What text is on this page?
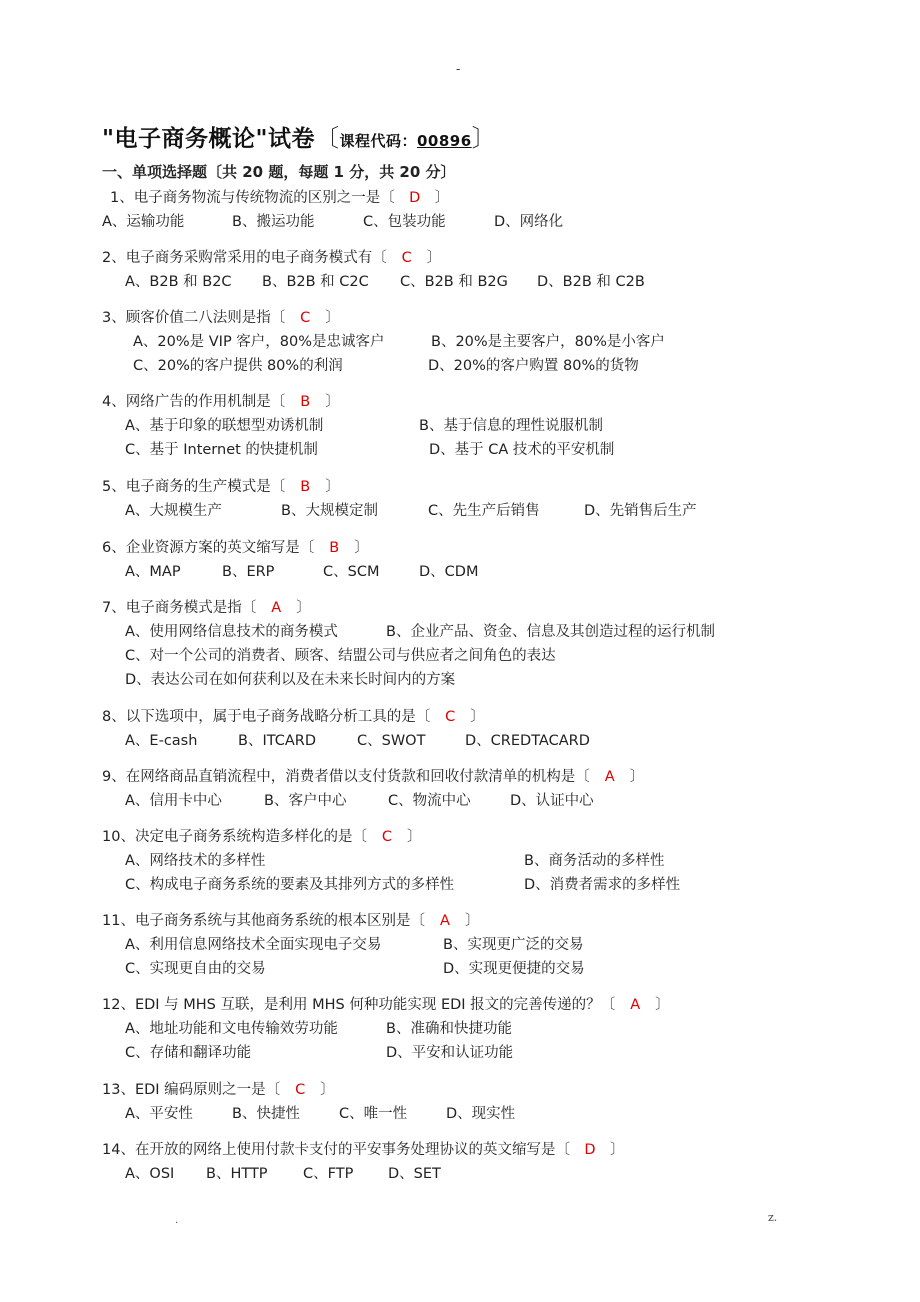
-
"电子商务概论"试卷〔课程代码：00896〕
一、单项选择题〔共 20 题，每题 1 分，共 20 分〕
1、电子商务物流与传统物流的区别之一是〔 D 〕
A、运输功能	B、搬运功能	C、包装功能	D、网络化
2、电子商务采购常采用的电子商务模式有〔 C 〕
A、B2B 和 B2C B、B2B 和 C2C C、B2B 和 B2G D、B2B 和 C2B
3、顾客价值二八法则是指〔 C 〕
A、20%是 VIP 客户，80%是忠诚客户	B、20%是主要客户，80%是小客户
C、20%的客户提供 80%的利润	D、20%的客户购置 80%的货物
4、网络广告的作用机制是〔 B 〕
A、基于印象的联想型劝诱机制	B、基于信息的理性说服机制
C、基于 Internet 的快捷机制	D、基于 CA 技术的平安机制
5、电子商务的生产模式是〔 B 〕
A、大规模生产	B、大规模定制	C、先生产后销售	D、先销售后生产
6、企业资源方案的英文缩写是〔 B 〕
A、MAP	B、ERP	C、SCM	D、CDM
7、电子商务模式是指〔 A 〕
A、使用网络信息技术的商务模式	B、企业产品、资金、信息及其创造过程的运行机制
C、对一个公司的消费者、顾客、结盟公司与供应者之间角色的表达
D、表达公司在如何获利以及在未来长时间内的方案
8、以下选项中，属于电子商务战略分析工具的是〔 C 〕
A、E-cash	B、ITCARD	C、SWOT	D、CREDTACARD
9、在网络商品直销流程中，消费者借以支付货款和回收付款清单的机构是〔 A 〕
A、信用卡中心	B、客户中心	C、物流中心	D、认证中心
10、决定电子商务系统构造多样化的是〔 C 〕
A、网络技术的多样性	B、商务活动的多样性
C、构成电子商务系统的要素及其排列方式的多样性	D、消费者需求的多样性
11、电子商务系统与其他商务系统的根本区别是〔 A 〕
A、利用信息网络技术全面实现电子交易	B、实现更广泛的交易
C、实现更自由的交易	D、实现更便捷的交易
12、EDI 与 MHS 互联，是利用 MHS 何种功能实现 EDI 报文的完善传递的？〔 A 〕
A、地址功能和文电传输效劳功能	B、准确和快捷功能
C、存储和翻译功能	D、平安和认证功能
13、EDI 编码原则之一是〔 C 〕
A、平安性	B、快捷性	C、唯一性	D、现实性
14、在开放的网络上使用付款卡支付的平安事务处理协议的英文缩写是〔 D 〕
A、OSI B、HTTP C、FTP D、SET
.	z.
